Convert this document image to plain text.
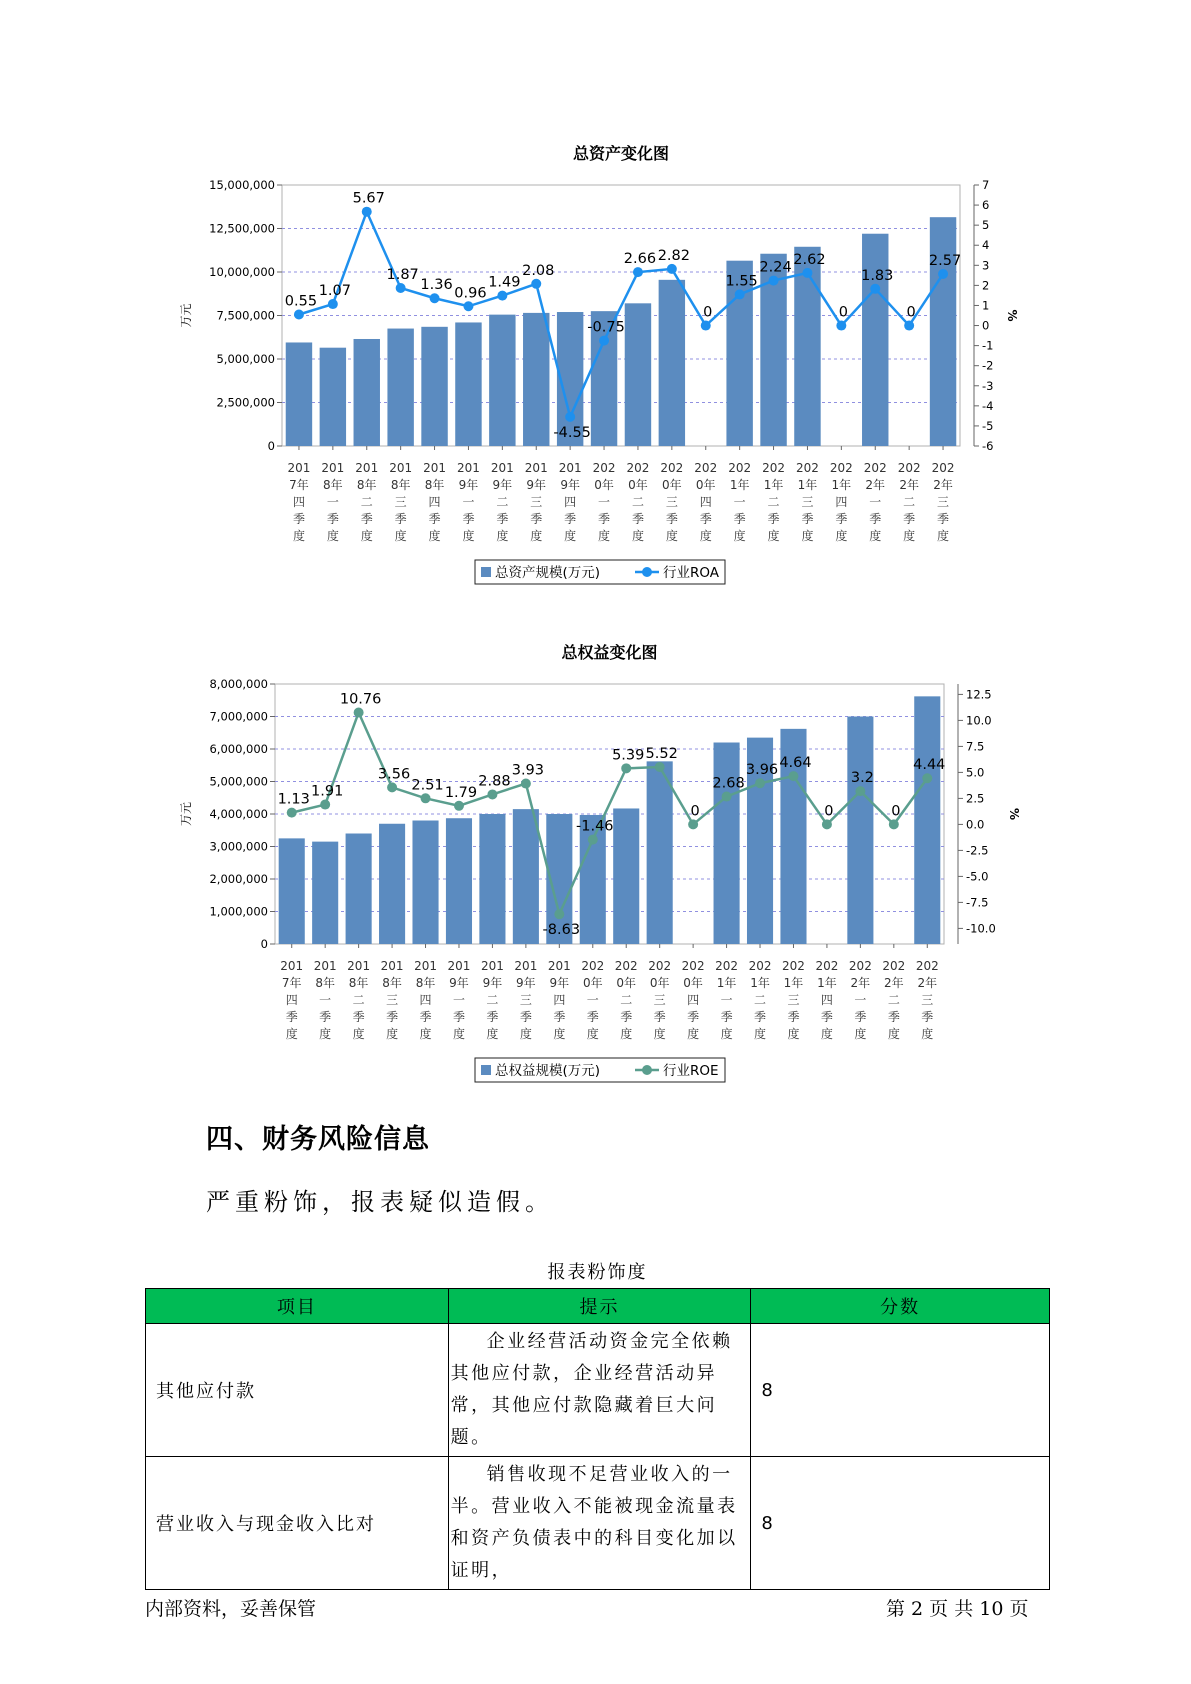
总资产变化图
0
2,500,000
5,000,000
7,500,000
10,000,000
12,500,000
15,000,000
-6
-5
-4
-3
-2
-1
0
1
2
3
4
5
6
7
万元	%
201
7年
四
季
度
201
8年
一
季
度
201
8年
二
季
度
201
8年
三
季
度
201
8年
四
季
度
201
9年
一
季
度
201
9年
二
季
度
201
9年
三
季
度
201
9年
四
季
度
202
0年
一
季
度
202
0年
二
季
度
202
0年
三
季
度
202
0年
四
季
度
202
1年
一
季
度
202
1年
二
季
度
202
1年
三
季
度
202
1年
四
季
度
202
2年
一
季
度
202
2年
二
季
度
202
2年
三
季
度
0.55
1.07
5.67
1.87
1.36
0.96
1.49
2.08
-4.55
-0.75
2.66 2.82
0
1.55
2.24 2.62
0
1.83
0
2.57
总资产规模(万元)	行业ROA
总权益变化图
0
1,000,000
2,000,000
3,000,000
4,000,000
5,000,000
6,000,000
7,000,000
8,000,000
-10.0
-7.5
-5.0
-2.5
0.0
2.5
5.0
7.5
10.0
12.5
万元	%
201
7年
四
季
度
201
8年
一
季
度
201
8年
二
季
度
201
8年
三
季
度
201
8年
四
季
度
201
9年
一
季
度
201
9年
二
季
度
201
9年
三
季
度
201
9年
四
季
度
202
0年
一
季
度
202
0年
二
季
度
202
0年
三
季
度
202
0年
四
季
度
202
1年
一
季
度
202
1年
二
季
度
202
1年
三
季
度
202
1年
四
季
度
202
2年
一
季
度
202
2年
二
季
度
202
2年
三
季
度
1.13
1.91
10.76
3.56
2.51 1.79
2.88
3.93
-8.63
-1.46
5.39 5.52
0
2.68
3.96 4.64
0
3.2
0
4.44
总权益规模(万元)	行业ROE
四、财务风险信息

严重粉饰，报表疑似造假。

报表粉饰度
项目	提示	分数
其他应付款	企业经营活动资金完全依赖其他应付款，企业经营活动异常，其他应付款隐藏着巨大问题。	8
营业收入与现金收入比对	销售收现不足营业收入的一半。营业收入不能被现金流量表和资产负债表中的科目变化加以证明，	8
内部资料，妥善保管	第 2 页 共 10 页
